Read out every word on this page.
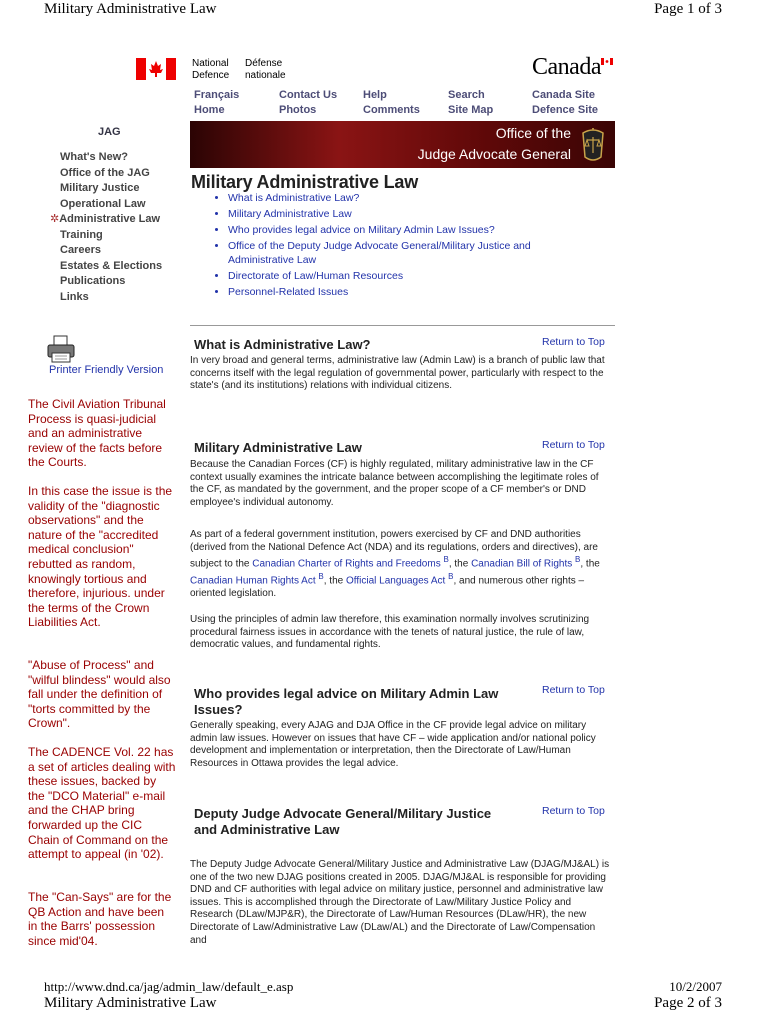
Military Administrative Law	Page 1 of 3
http://www.dnd.ca/jag/admin_law/default_e.asp	10/2/2007
Military Administrative Law	Page 2 of 3
National
Defence
Défense
nationale	Canada
Français
Home
Contact Us
Photos
Help
Comments
Search
Site Map
Canada Site
Defence Site
Office of the
Judge Advocate General
JAG
What's New?
Office of the JAG
Military Justice
Operational Law
✲Administrative Law
Training
Careers
Estates & Elections
Publications
Links
Printer Friendly Version
The Civil Aviation Tribunal Process is quasi-judicial and an administrative review of the facts before the Courts.
In this case the issue is the validity of the "diagnostic observations" and the nature of the "accredited medical conclusion" rebutted as random, knowingly tortious and therefore, injurious. under the terms of the Crown Liabilities Act.
"Abuse of Process" and "wilful blindess" would also fall under the definition of "torts committed by the Crown".
The CADENCE Vol. 22 has a set of articles dealing with these issues, backed by the "DCO Material" e-mail and the CHAP bring forwarded up the CIC Chain of Command on the attempt to appeal (in '02).
The "Can-Says" are for the QB Action and have been in the Barrs' possession since mid'04.
Military Administrative Law
• What is Administrative Law?
• Military Administrative Law
• Who provides legal advice on Military Admin Law Issues?
• Office of the Deputy Judge Advocate General/Military Justice and Administrative Law
• Directorate of Law/Human Resources
• Personnel-Related Issues
What is Administrative Law?	Return to Top
In very broad and general terms, administrative law (Admin Law) is a branch of public law that concerns itself with the legal regulation of governmental power, particularly with respect to the state's (and its institutions) relations with individual citizens.
Military Administrative Law	Return to Top
Because the Canadian Forces (CF) is highly regulated, military administrative law in the CF context usually examines the intricate balance between accomplishing the legitimate roles of the CF, as mandated by the government, and the proper scope of a CF member's or DND employee's individual autonomy.
As part of a federal government institution, powers exercised by CF and DND authorities (derived from the National Defence Act (NDA) and its regulations, orders and directives), are subject to the Canadian Charter of Rights and Freedoms $^B$, the Canadian Bill of Rights $^B$, the Canadian Human Rights Act $^B$, the Official Languages Act $^B$, and numerous other rights – oriented legislation.
Using the principles of admin law therefore, this examination normally involves scrutinizing procedural fairness issues in accordance with the tenets of natural justice, the rule of law, democratic values, and fundamental rights.
Who provides legal advice on Military Admin Law Issues?
Return to Top
Generally speaking, every AJAG and DJA Office in the CF provide legal advice on military admin law issues. However on issues that have CF – wide application and/or national policy development and implementation or interpretation, then the Directorate of Law/Human Resources in Ottawa provides the legal advice.
Deputy Judge Advocate General/Military Justice and Administrative Law
Return to Top
The Deputy Judge Advocate General/Military Justice and Administrative Law (DJAG/MJ&AL) is one of the two new DJAG positions created in 2005. DJAG/MJ&AL is responsible for providing DND and CF authorities with legal advice on military justice, personnel and administrative law issues. This is accomplished through the Directorate of Law/Military Justice Policy and Research (DLaw/MJP&R), the Directorate of Law/Human Resources (DLaw/HR), the new Directorate of Law/Administrative Law (DLaw/AL) and the Directorate of Law/Compensation and
